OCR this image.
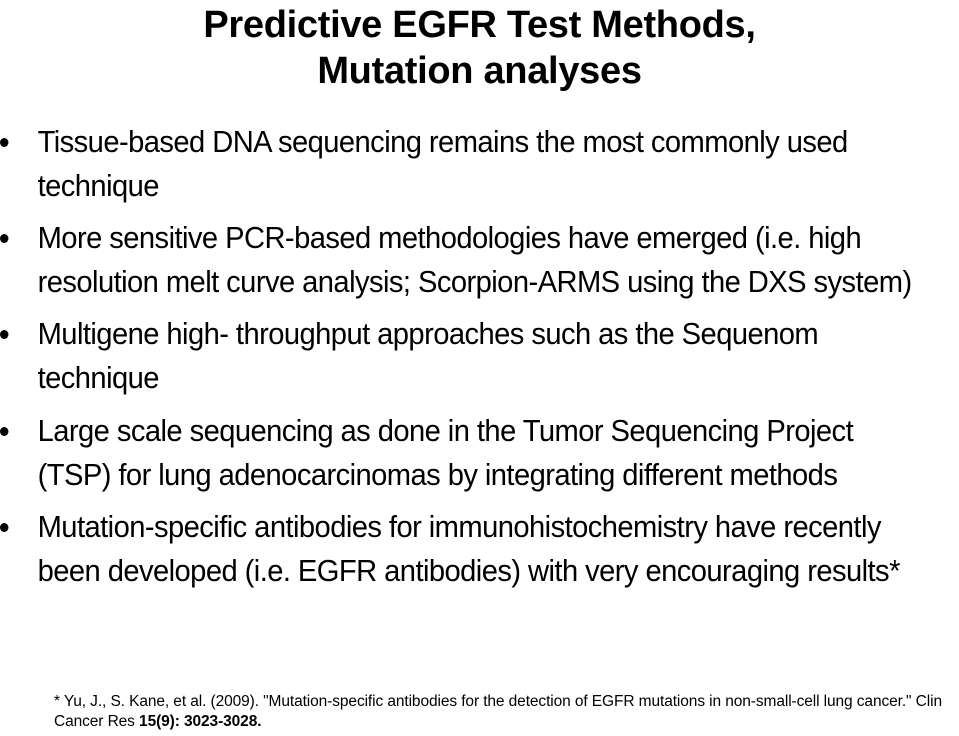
Predictive EGFR Test Methods,
Mutation analyses
Tissue-based DNA sequencing remains the most commonly used technique
More sensitive PCR-based methodologies have emerged (i.e. high resolution melt curve analysis; Scorpion-ARMS using the DXS system)
Multigene high- throughput approaches such as the Sequenom technique
Large scale sequencing as done in the Tumor Sequencing Project (TSP) for lung adenocarcinomas by integrating different methods
Mutation-specific antibodies for immunohistochemistry have recently been developed (i.e. EGFR antibodies) with very encouraging results*
* Yu, J., S. Kane, et al. (2009). "Mutation-specific antibodies for the detection of EGFR mutations in non-small-cell lung cancer." Clin Cancer Res 15(9): 3023-3028.
